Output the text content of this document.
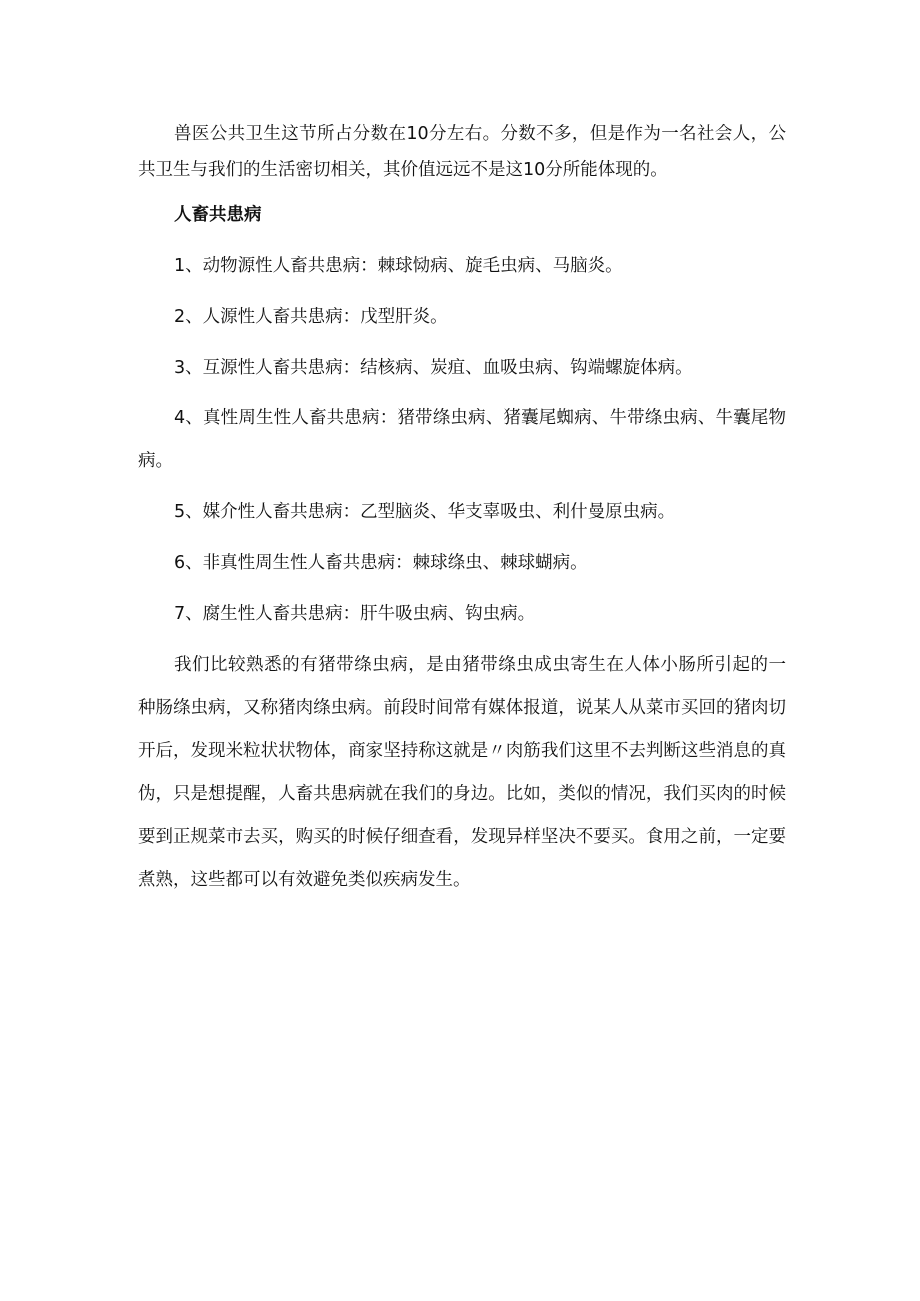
兽医公共卫生这节所占分数在10分左右。分数不多，但是作为一名社会人，公共卫生与我们的生活密切相关，其价值远远不是这10分所能体现的。

人畜共患病

1、动物源性人畜共患病：棘球恸病、旋毛虫病、马脑炎。

2、人源性人畜共患病：戊型肝炎。

3、互源性人畜共患病：结核病、炭疽、血吸虫病、钩端螺旋体病。

4、真性周生性人畜共患病：猪带绦虫病、猪囊尾蜘病、牛带绦虫病、牛囊尾物病。

5、媒介性人畜共患病：乙型脑炎、华支辜吸虫、利什曼原虫病。

6、非真性周生性人畜共患病：棘球绦虫、棘球蝴病。

7、腐生性人畜共患病：肝牛吸虫病、钩虫病。

我们比较熟悉的有猪带绦虫病，是由猪带绦虫成虫寄生在人体小肠所引起的一种肠绦虫病，又称猪肉绦虫病。前段时间常有媒体报道，说某人从菜市买回的猪肉切开后，发现米粒状状物体，商家坚持称这就是〃肉筋我们这里不去判断这些消息的真伪，只是想提醒，人畜共患病就在我们的身边。比如，类似的情况，我们买肉的时候要到正规菜市去买，购买的时候仔细查看，发现异样坚决不要买。食用之前，一定要煮熟，这些都可以有效避免类似疾病发生。
